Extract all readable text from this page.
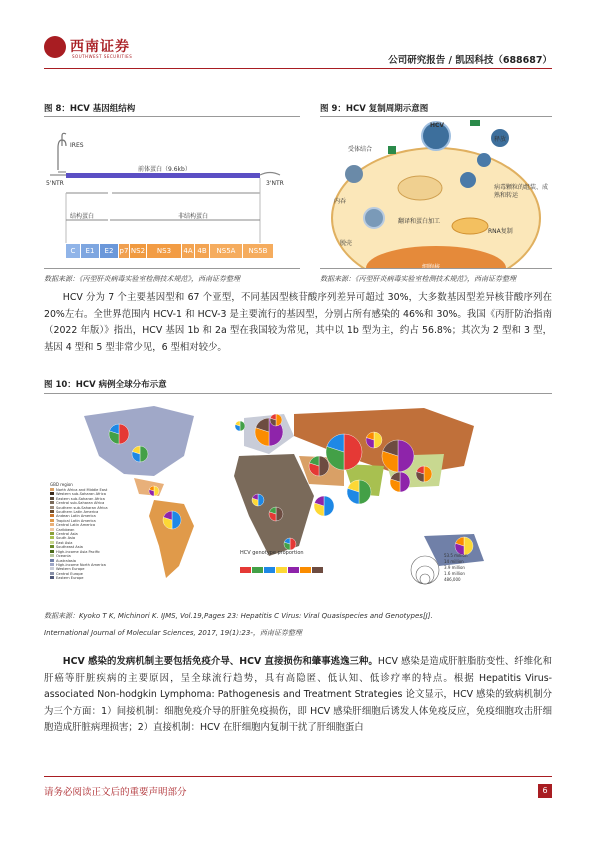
西南证券
SOUTHWEST SECURITIES	公司研究报告 / 凯因科技（688687）
图 8：HCV 基因组结构
IRES
5'NTR	3'NTR
前体蛋白（9.6kb）
结构蛋白	非结构蛋白
C E1 E2 p7 NS2 NS3 4A 4B NS5A NS5B
数据来源：《丙型肝炎病毒实验室检测技术规范》，西南证券整理
图 9：HCV 复制周期示意图
HCV
受体结合
释放
内吞
脱壳
病毒颗粒的组装、成熟和转运
翻译和蛋白加工
RNA复制
数据来源：《丙型肝炎病毒实验室检测技术规范》，西南证券整理
HCV 分为 7 个主要基因型和 67 个亚型，不同基因型核苷酸序列差异可超过 30%，大多数基因型差异核苷酸序列在 20%左右。全世界范围内 HCV-1 和 HCV-3 是主要流行的基因型，分别占所有感染的 46%和 30%。我国《丙肝防治指南（2022 年版）》指出，HCV 基因 1b 和 2a 型在我国较为常见，其中以 1b 型为主，约占 56.8%；其次为 2 型和 3 型，基因 4 型和 5 型非常少见，6 型相对较少。
图 10：HCV 病例全球分布示意
GBD region
North Africa and Middle East
Western sub-Saharan Africa
Eastern sub-Saharan Africa
Central sub-Saharan Africa
Southern sub-Saharan Africa
Southern Latin America
Andean Latin America
Tropical Latin America
Central Latin America
Caribbean
Central Asia
South Asia
East Asia
Southeast Asia
High-income Asia Pacific
Oceania
Australasia
High-income North America
Western Europe
Central Europe
Eastern Europe
HCV genotype proportion	53.5 million
14 million
3.9 million
1.6 million
486,000
数据来源：Kyoko T K, Michinori K. IJMS, Vol.19,Pages 23: Hepatitis C Virus: Viral Quasispecies and Genotypes[J].
International Journal of Molecular Sciences, 2017, 19(1):23-，西南证券整理
HCV 感染的发病机制主要包括免疫介导、HCV 直接损伤和肇事逃逸三种。HCV 感染是造成肝脏脂肪变性、纤维化和肝癌等肝脏疾病的主要原因，呈全球流行趋势，具有高隐匿、低认知、低诊疗率的特点。根据 Hepatitis Virus-associated Non-hodgkin Lymphoma: Pathogenesis and Treatment Strategies 论文显示，HCV 感染的致病机制分为三个方面：1）间接机制：细胞免疫介导的肝脏免疫损伤，即 HCV 感染肝细胞后诱发人体免疫反应，免疫细胞攻击肝细胞造成肝脏病理损害；2）直接机制：HCV 在肝细胞内复制干扰了肝细胞蛋白
请务必阅读正文后的重要声明部分	6
